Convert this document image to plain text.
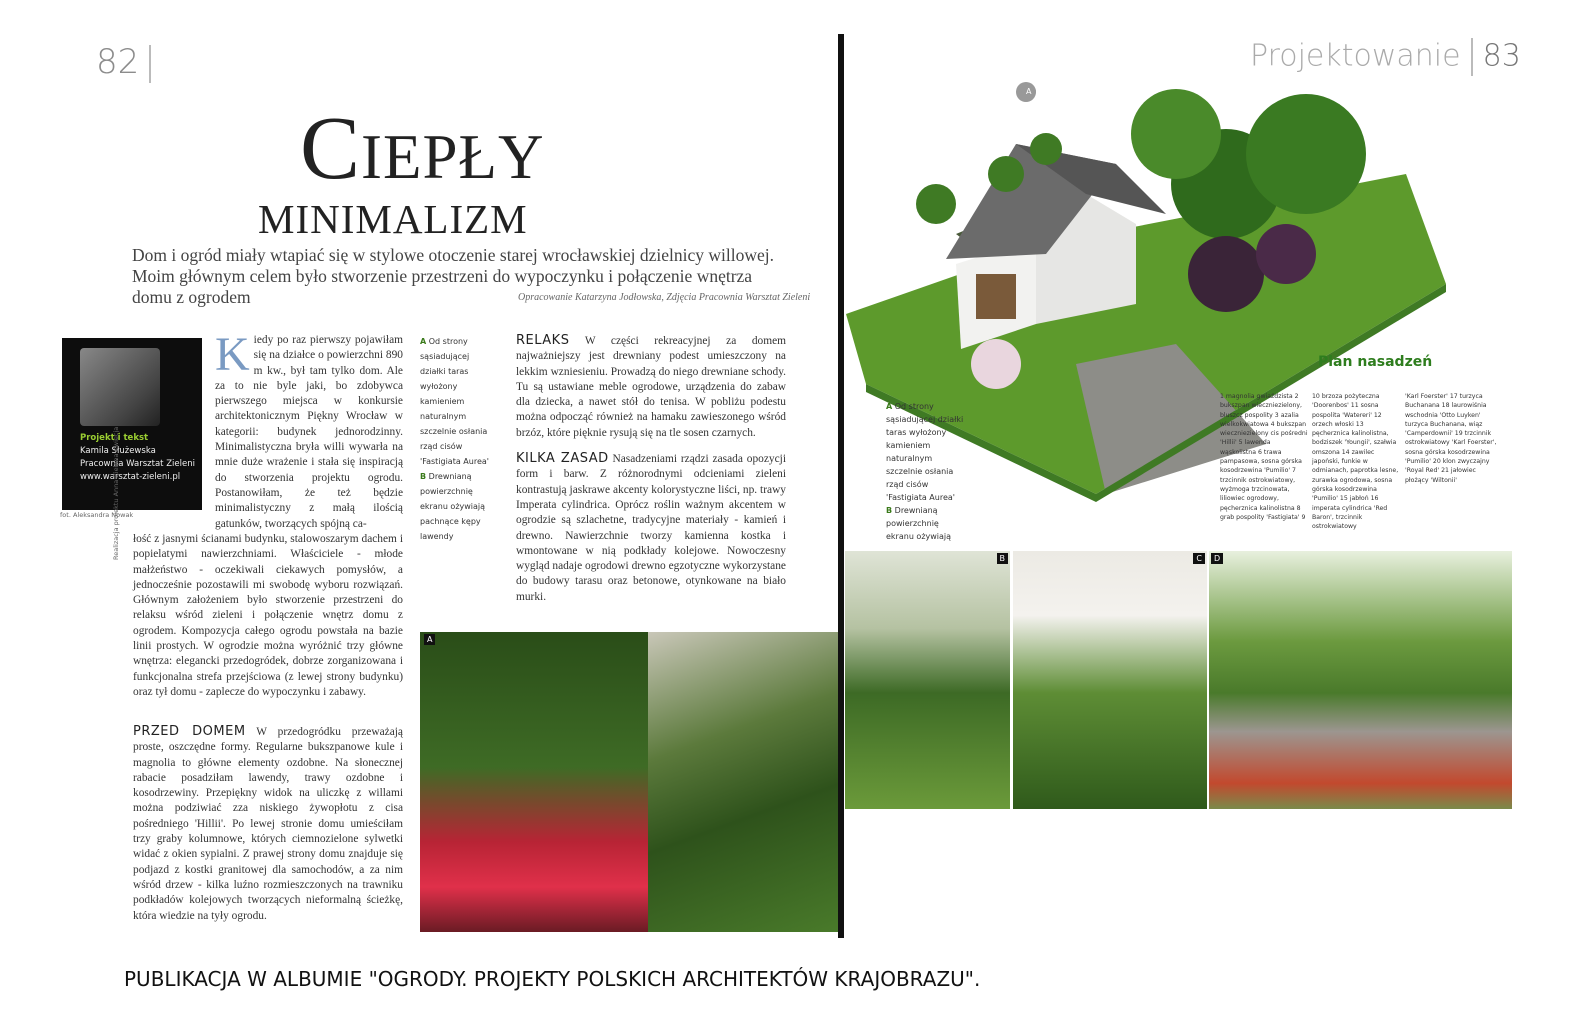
82
Ciepły
minimalizm
Dom i ogród miały wtapiać się w stylowe otoczenie starej wrocławskiej dzielnicy willowej. Moim głównym celem było stworzenie przestrzeni do wypoczynku i połączenie wnętrza domu z ogrodem	Opracowanie Katarzyna Jodłowska, Zdjęcia Pracownia Warsztat Zieleni
Projekt i tekst
Kamila Służewska
Pracownia Warsztat Zieleni
www.warsztat-zieleni.pl
fot. Aleksandra Nowak
Realizacja projektu Anna Zielona Kwiecja
Kiedy po raz pierwszy pojawiłam się na działce o powierzchni 890 m kw., był tam tylko dom. Ale za to nie byle jaki, bo zdobywca pierwszego miejsca w konkursie architektonicznym Piękny Wrocław w kategorii: budynek jednorodzinny. Minimalistyczna bryła willi wywarła na mnie duże wrażenie i stała się inspiracją do stworzenia projektu ogrodu. Postanowiłam, że też będzie minimalistyczny z małą ilością gatunków, tworzących spójną ca-
łość z jasnymi ścianami budynku, stalowoszarym dachem i popielatymi nawierzchniami. Właściciele - młode małżeństwo - oczekiwali ciekawych pomysłów, a jednocześnie pozostawili mi swobodę wyboru rozwiązań. Głównym założeniem było stworzenie przestrzeni do relaksu wśród zieleni i połączenie wnętrz domu z ogrodem. Kompozycja całego ogrodu powstała na bazie linii prostych. W ogrodzie można wyróżnić trzy główne wnętrza: elegancki przedogródek, dobrze zorganizowana i funkcjonalna strefa przejściowa (z lewej strony budynku) oraz tył domu - zaplecze do wypoczynku i zabawy.
PRZED DOMEM W przedogródku przeważają proste, oszczędne formy. Regularne bukszpanowe kule i magnolia to główne elementy ozdobne. Na słonecznej rabacie posadziłam lawendy, trawy ozdobne i kosodrzewiny. Przepiękny widok na uliczkę z willami można podziwiać zza niskiego żywopłotu z cisa pośredniego 'Hillii'. Po lewej stronie domu umieściłam trzy graby kolumnowe, których ciemnozielone sylwetki widać z okien sypialni. Z prawej strony domu znajduje się podjazd z kostki granitowej dla samochodów, a za nim wśród drzew - kilka luźno rozmieszczonych na trawniku podkładów kolejowych tworzących nieformalną ścieżkę, która wiedzie na tyły ogrodu.
A Od strony sąsiadującej działki taras wyłożony kamieniem naturalnym szczelnie osłania rząd cisów 'Fastigiata Aurea'
B Drewnianą powierzchnię ekranu ożywiają pachnące kępy lawendy
RELAKS W części rekreacyjnej za domem najważniejszy jest drewniany podest umieszczony na lekkim wzniesieniu. Prowadzą do niego drewniane schody. Tu są ustawiane meble ogrodowe, urządzenia do zabaw dla dziecka, a nawet stół do tenisa. W pobliżu podestu można odpocząć również na hamaku zawieszonego wśród brzóz, które pięknie rysują się na tle sosen czarnych.
KILKA ZASAD Nasadzeniami rządzi zasada opozycji form i barw. Z różnorodnymi odcieniami zieleni kontrastują jaskrawe akcenty kolorystyczne liści, np. trawy Imperata cylindrica. Oprócz roślin ważnym akcentem w ogrodzie są szlachetne, tradycyjne materiały - kamień i drewno. Nawierzchnie tworzy kamienna kostka i wmontowane w nią podkłady kolejowe. Nowoczesny wygląd nadaje ogrodowi drewno egzotyczne wykorzystane do budowy tarasu oraz betonowe, otynkowane na biało murki.
A
Projektowanie 83
A
Plan nasadzeń
1 magnolia gwiaździsta 2 bukszpan wieczniezielony, bluszcz pospolity 3 azalia wielkokwiatowa 4 bukszpan wieczniezielony cis pośredni 'Hillii' 5 lawenda wąskolistna 6 trawa pampasowa, sosna górska kosodrzewina 'Pumilio' 7 trzcinnik ostrokwiatowy, wyżmoga trzcinowata, liliowiec ogrodowy, pęcherznica kalinolistna 8 grab pospolity 'Fastigiata' 9
10 brzoza pożyteczna 'Doorenbos' 11 sosna pospolita 'Watereri' 12 orzech włoski 13 pęcherznica kalinolistna, bodziszek 'Youngii', szałwia omszona 14 zawilec japoński, funkie w odmianach, paprotka lesne, zurawka ogrodowa, sosna górska kosodrzewina 'Pumilio' 15 jabłoń 16 imperata cylindrica 'Red Baron', trzcinnik ostrokwiatowy
'Karl Foerster' 17 turzyca Buchanana 18 laurowiśnia wschodnia 'Otto Luyken' turzyca Buchanana, wiąz 'Camperdownii' 19 trzcinnik ostrokwiatowy 'Karl Foerster', sosna górska kosodrzewina 'Pumilio' 20 klon zwyczajny 'Royal Red' 21 jałowiec płożący 'Wiltonii'
A Od strony sąsiadującej działki taras wyłożony kamieniem naturalnym szczelnie osłania rząd cisów 'Fastigiata Aurea'
B Drewnianą powierzchnię ekranu ożywiają
B	C	D
PUBLIKACJA W ALBUMIE "OGRODY. PROJEKTY POLSKICH ARCHITEKTÓW KRAJOBRAZU".
